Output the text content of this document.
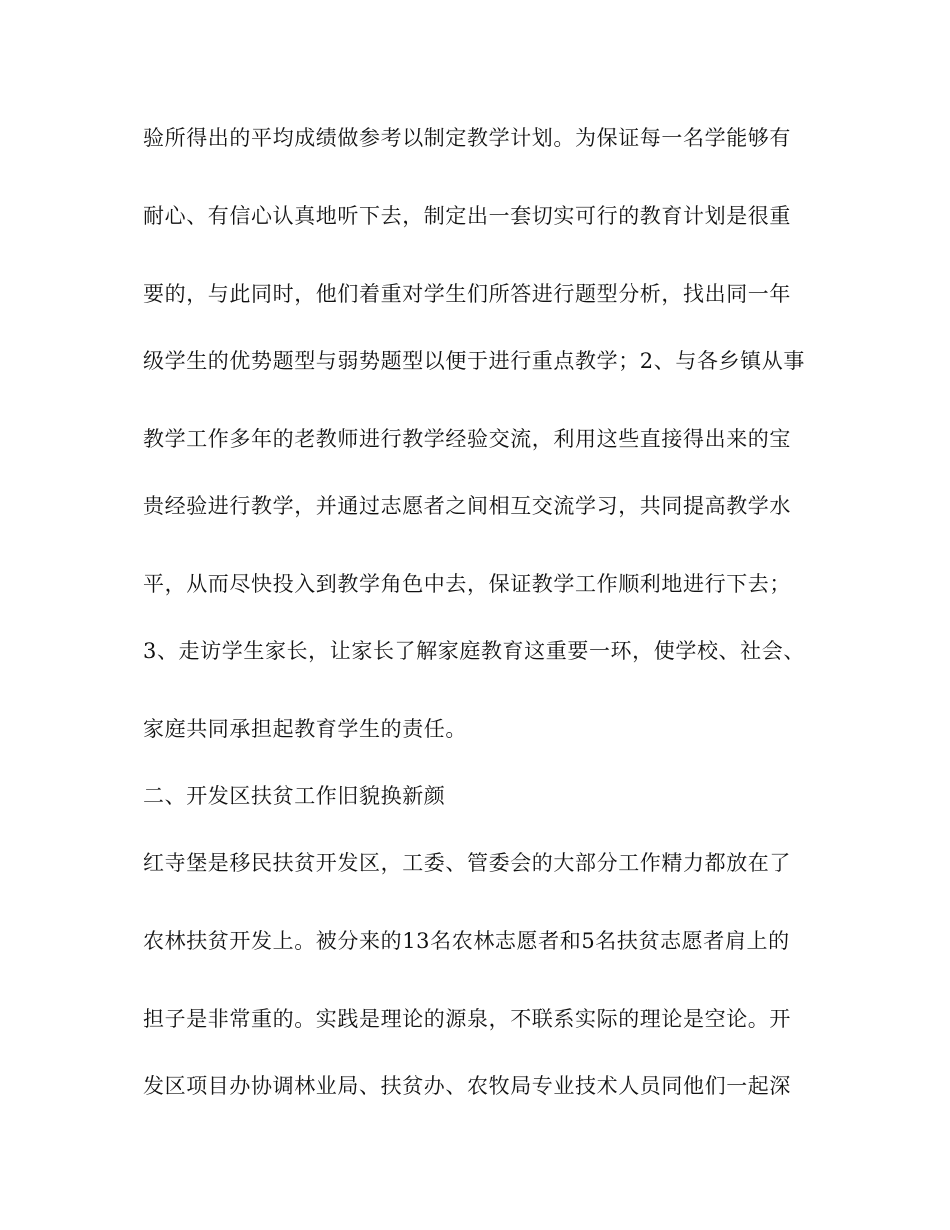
验所得出的平均成绩做参考以制定教学计划。为保证每一名学能够有
耐心、有信心认真地听下去，制定出一套切实可行的教育计划是很重
要的，与此同时，他们着重对学生们所答进行题型分析，找出同一年
级学生的优势题型与弱势题型以便于进行重点教学；2、与各乡镇从事
教学工作多年的老教师进行教学经验交流，利用这些直接得出来的宝
贵经验进行教学，并通过志愿者之间相互交流学习，共同提高教学水
平，从而尽快投入到教学角色中去，保证教学工作顺利地进行下去；
3、走访学生家长，让家长了解家庭教育这重要一环，使学校、社会、
家庭共同承担起教育学生的责任。
二、开发区扶贫工作旧貌换新颜
红寺堡是移民扶贫开发区，工委、管委会的大部分工作精力都放在了
农林扶贫开发上。被分来的13名农林志愿者和5名扶贫志愿者肩上的
担子是非常重的。实践是理论的源泉，不联系实际的理论是空论。开
发区项目办协调林业局、扶贫办、农牧局专业技术人员同他们一起深
